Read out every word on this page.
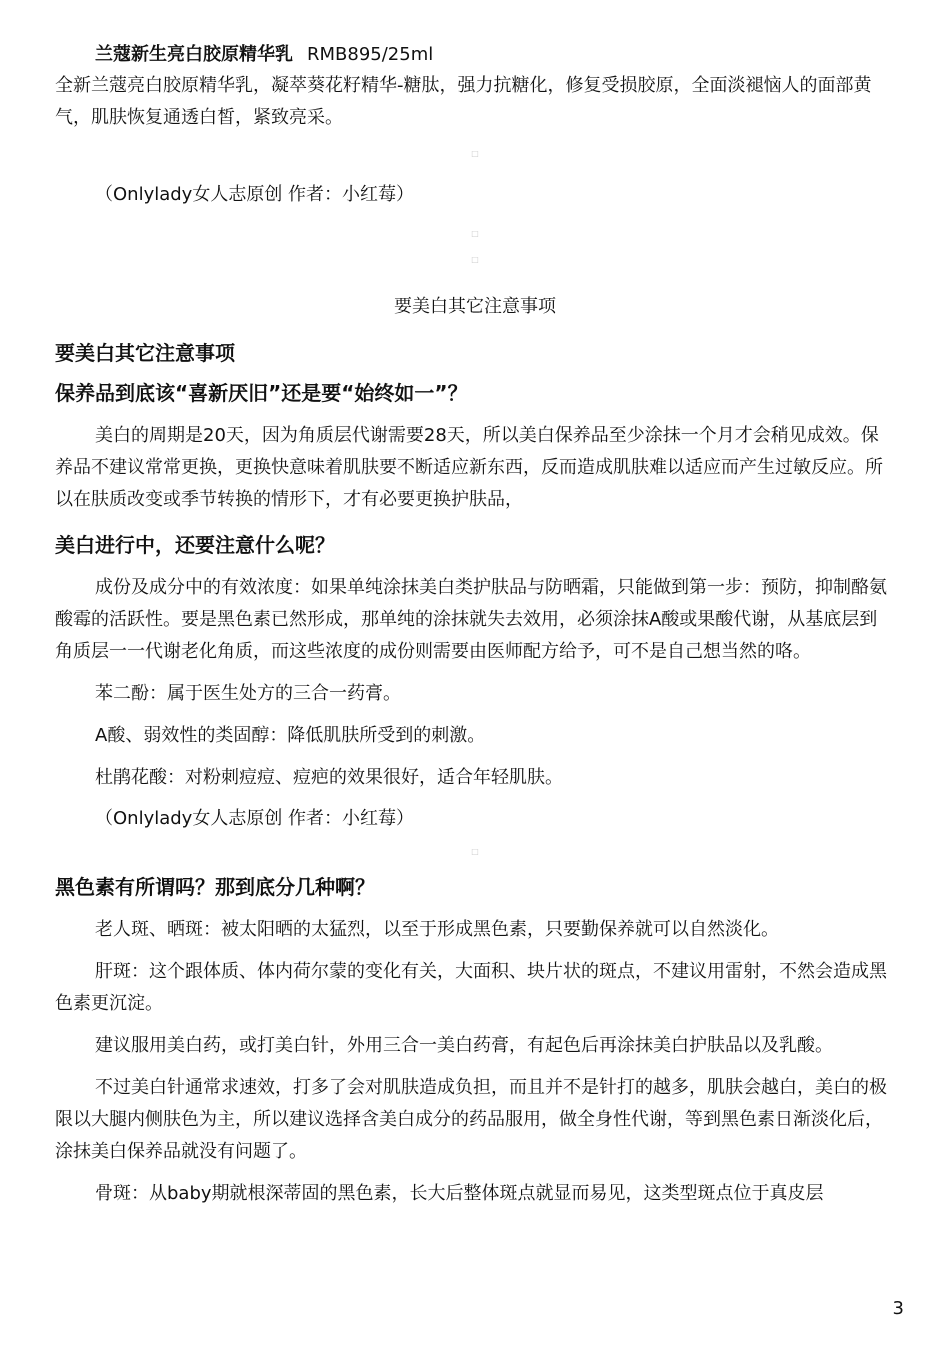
兰蔻新生亮白胶原精华乳 RMB895/25ml

全新兰蔻亮白胶原精华乳，凝萃葵花籽精华-糖肽，强力抗糖化，修复受损胶原，全面淡褪恼人的面部黄气，肌肤恢复通透白皙，紧致亮采。

□

（Onlylady女人志原创 作者：小红莓）

□
□

要美白其它注意事项

要美白其它注意事项
保养品到底该“喜新厌旧”还是要“始终如一”？

美白的周期是20天，因为角质层代谢需要28天，所以美白保养品至少涂抹一个月才会稍见成效。保养品不建议常常更换，更换快意味着肌肤要不断适应新东西，反而造成肌肤难以适应而产生过敏反应。所以在肤质改变或季节转换的情形下，才有必要更换护肤品，

美白进行中，还要注意什么呢？

成份及成分中的有效浓度：如果单纯涂抹美白类护肤品与防晒霜，只能做到第一步：预防，抑制酪氨酸霉的活跃性。要是黑色素已然形成，那单纯的涂抹就失去效用，必须涂抹A酸或果酸代谢，从基底层到角质层一一代谢老化角质，而这些浓度的成份则需要由医师配方给予，可不是自己想当然的咯。

苯二酚：属于医生处方的三合一药膏。

A酸、弱效性的类固醇：降低肌肤所受到的刺激。

杜鹃花酸：对粉刺痘痘、痘疤的效果很好，适合年轻肌肤。

（Onlylady女人志原创 作者：小红莓）

□
黑色素有所谓吗？那到底分几种啊？

老人斑、晒斑：被太阳晒的太猛烈，以至于形成黑色素，只要勤保养就可以自然淡化。

肝斑：这个跟体质、体内荷尔蒙的变化有关，大面积、块片状的斑点，不建议用雷射，不然会造成黑色素更沉淀。

建议服用美白药，或打美白针，外用三合一美白药膏，有起色后再涂抹美白护肤品以及乳酸。

不过美白针通常求速效，打多了会对肌肤造成负担，而且并不是针打的越多，肌肤会越白，美白的极限以大腿内侧肤色为主，所以建议选择含美白成分的药品服用，做全身性代谢，等到黑色素日渐淡化后，涂抹美白保养品就没有问题了。

骨斑：从baby期就根深蒂固的黑色素，长大后整体斑点就显而易见，这类型斑点位于真皮层

3
